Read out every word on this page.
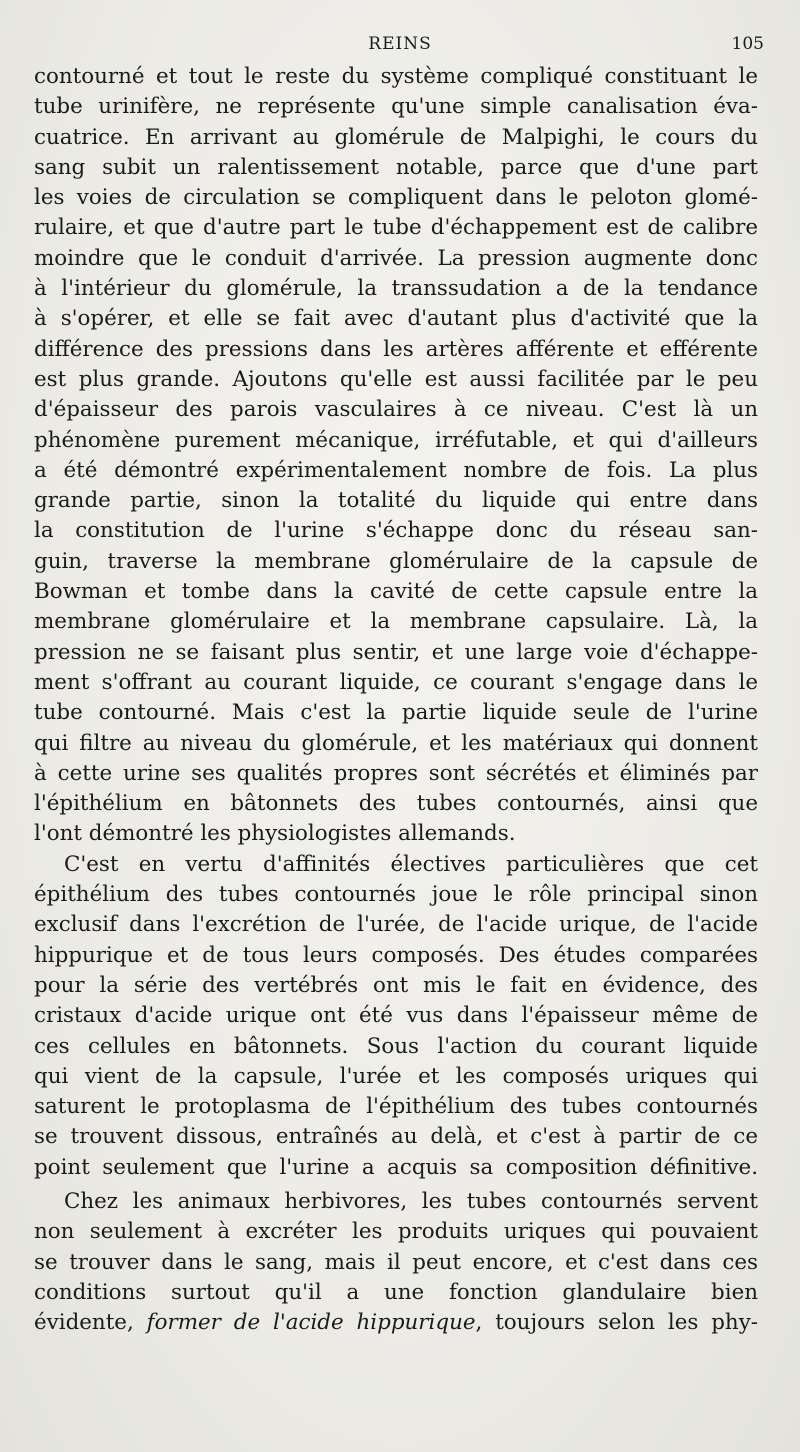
REINS	105
contourné et tout le reste du système compliqué constituant le
tube urinifère, ne représente qu'une simple canalisation éva-
cuatrice. En arrivant au glomérule de Malpighi, le cours du
sang subit un ralentissement notable, parce que d'une part
les voies de circulation se compliquent dans le peloton glomé-
rulaire, et que d'autre part le tube d'échappement est de calibre
moindre que le conduit d'arrivée. La pression augmente donc
à l'intérieur du glomérule, la transsudation a de la tendance
à s'opérer, et elle se fait avec d'autant plus d'activité que la
différence des pressions dans les artères afférente et efférente
est plus grande. Ajoutons qu'elle est aussi facilitée par le peu
d'épaisseur des parois vasculaires à ce niveau. C'est là un
phénomène purement mécanique, irréfutable, et qui d'ailleurs
a été démontré expérimentalement nombre de fois. La plus
grande partie, sinon la totalité du liquide qui entre dans
la constitution de l'urine s'échappe donc du réseau san-
guin, traverse la membrane glomérulaire de la capsule de
Bowman et tombe dans la cavité de cette capsule entre la
membrane glomérulaire et la membrane capsulaire. Là, la
pression ne se faisant plus sentir, et une large voie d'échappe-
ment s'offrant au courant liquide, ce courant s'engage dans le
tube contourné. Mais c'est la partie liquide seule de l'urine
qui filtre au niveau du glomérule, et les matériaux qui donnent
à cette urine ses qualités propres sont sécrétés et éliminés par
l'épithélium en bâtonnets des tubes contournés, ainsi que
l'ont démontré les physiologistes allemands.
C'est en vertu d'affinités électives particulières que cet
épithélium des tubes contournés joue le rôle principal sinon
exclusif dans l'excrétion de l'urée, de l'acide urique, de l'acide
hippurique et de tous leurs composés. Des études comparées
pour la série des vertébrés ont mis le fait en évidence, des
cristaux d'acide urique ont été vus dans l'épaisseur même de
ces cellules en bâtonnets. Sous l'action du courant liquide
qui vient de la capsule, l'urée et les composés uriques qui
saturent le protoplasma de l'épithélium des tubes contournés
se trouvent dissous, entraînés au delà, et c'est à partir de ce
point seulement que l'urine a acquis sa composition définitive.
Chez les animaux herbivores, les tubes contournés servent
non seulement à excréter les produits uriques qui pouvaient
se trouver dans le sang, mais il peut encore, et c'est dans ces
conditions surtout qu'il a une fonction glandulaire bien
évidente, former de l'acide hippurique, toujours selon les phy-
